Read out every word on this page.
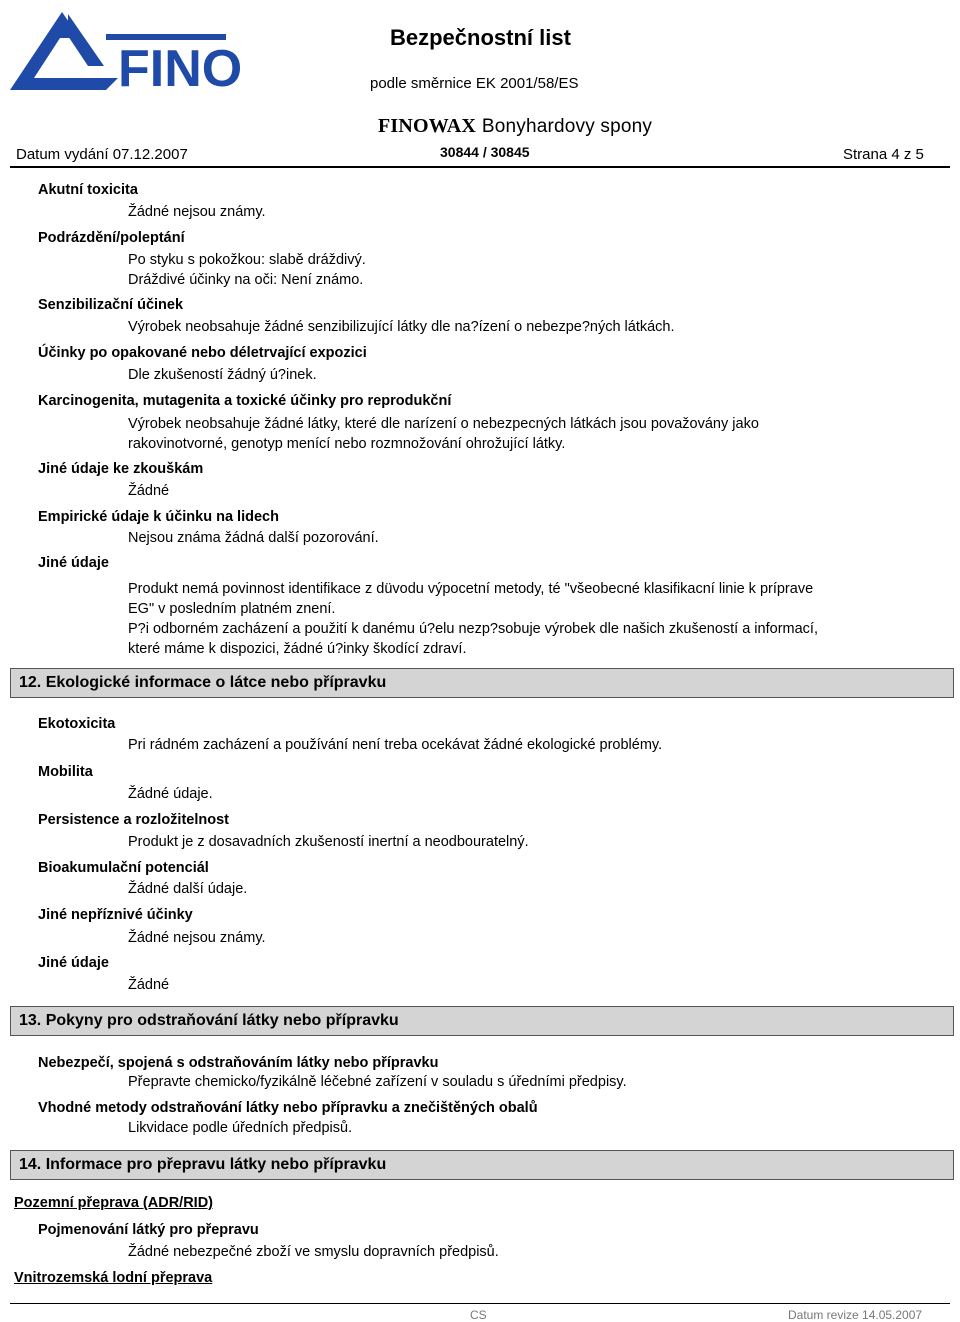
FINO
Bezpečnostní list
podle směrnice EK 2001/58/ES
FINOWAX Bonyhardovy spony
Datum vydání 07.12.2007	30844 / 30845	Strana 4 z 5
Akutní toxicita
Žádné nejsou známy.
Podrázdění/poleptání
Po styku s pokožkou: slabě dráždivý.
Dráždivé účinky na oči: Není známo.
Senzibilizační účinek
Výrobek neobsahuje žádné senzibilizující látky dle na?ízení o nebezpe?ných látkách.
Účinky po opakované nebo déletrvající expozici
Dle zkušeností žádný ú?inek.
Karcinogenita, mutagenita a toxické účinky pro reprodukční
Výrobek neobsahuje žádné látky, které dle narízení o nebezpecných látkách jsou považovány jako rakovinotvorné, genotyp menící nebo rozmnožování ohrožující látky.
Jiné údaje ke zkouškám
Žádné
Empirické údaje k účinku na lidech
Nejsou známa žádná další pozorování.
Jiné údaje
Produkt nemá povinnost identifikace z düvodu výpocetní metody, té "všeobecné klasifikacní linie k príprave EG" v posledním platném znení.
P?i odborném zacházení a použití k danému ú?elu nezp?sobuje výrobek dle našich zkušeností a informací, které máme k dispozici, žádné ú?inky škodící zdraví.
12. Ekologické informace o látce nebo přípravku
Ekotoxicita
Pri rádném zacházení a používání není treba ocekávat žádné ekologické problémy.
Mobilita
Žádné údaje.
Persistence a rozložitelnost
Produkt je z dosavadních zkušeností inertní a neodbouratelný.
Bioakumulační potenciál
Žádné další údaje.
Jiné nepříznivé účinky
Žádné nejsou známy.
Jiné údaje
Žádné
13. Pokyny pro odstraňování látky nebo přípravku
Nebezpečí, spojená s odstraňováním látky nebo přípravku
Přepravte chemicko/fyzikálně léčebné zařízení v souladu s úředními předpisy.
Vhodné metody odstraňování látky nebo přípravku a znečištěných obalů
Likvidace podle úředních předpisů.
14. Informace pro přepravu látky nebo přípravku
Pozemní přeprava (ADR/RID)
Pojmenování látký pro přepravu
Žádné nebezpečné zboží ve smyslu dopravních předpisů.
Vnitrozemská lodní přeprava
CS	Datum revize 14.05.2007
